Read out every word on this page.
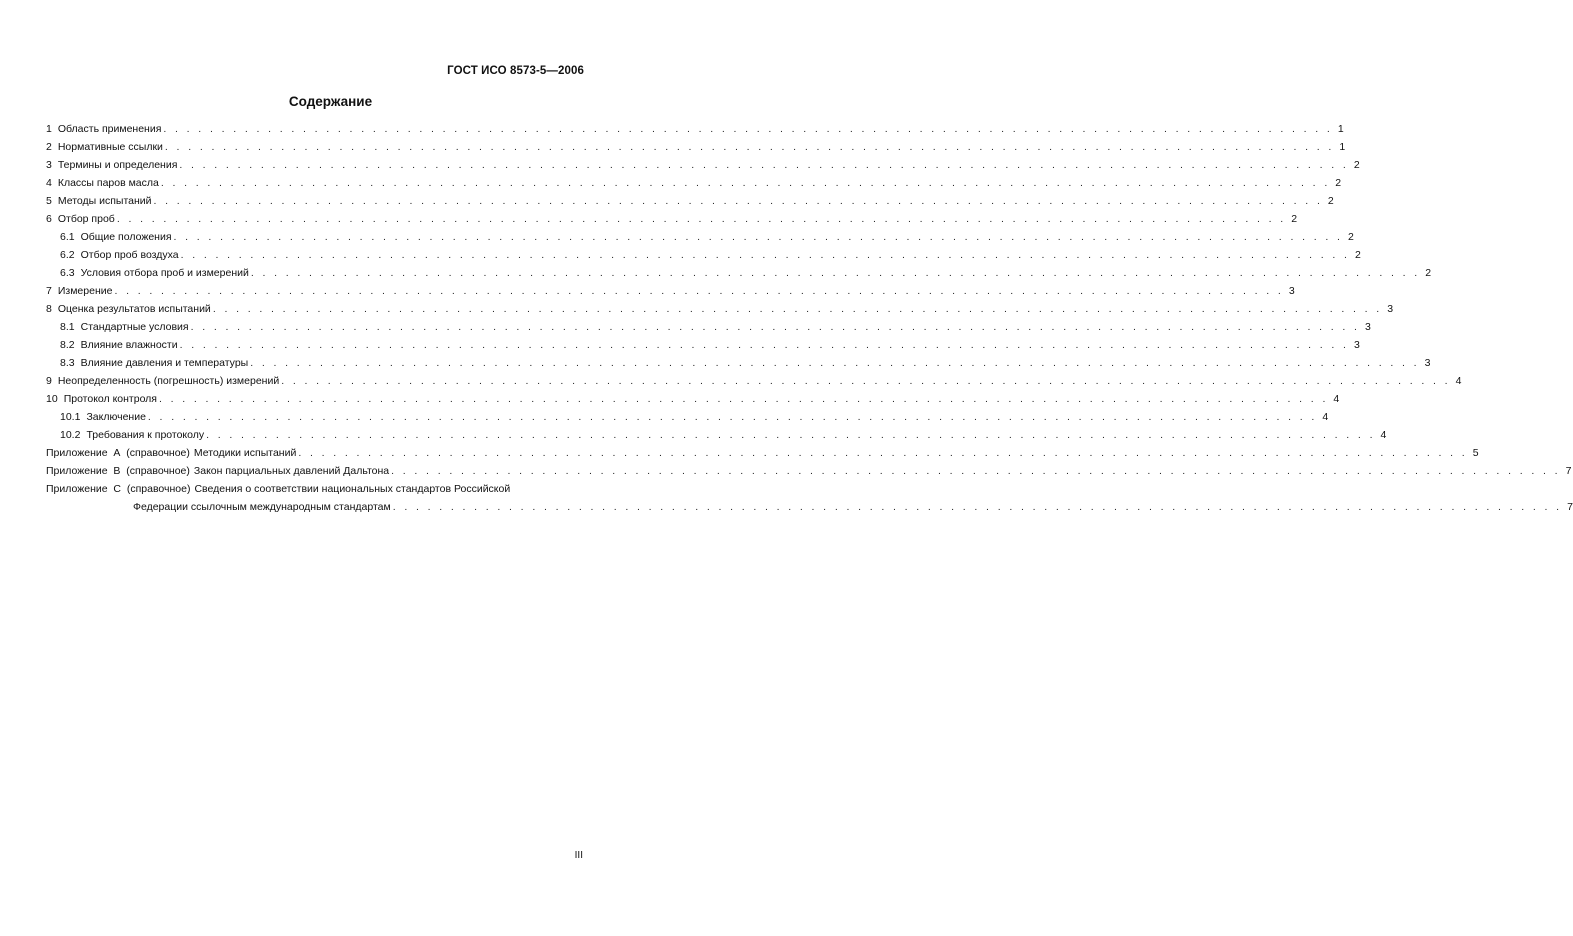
ГОСТ ИСО 8573-5—2006
Содержание
1 Область применения . . . . . . . . . . . . . . . . . . . . . . . . . . . . . . . . . . . . . . . . . . . . . . . . . . . . . . . . . . . . . . . . . . . . . . . . . . . . . . . . . . . . . . . . . . . . . . . . . . . . . 1
2 Нормативные ссылки . . . . . . . . . . . . . . . . . . . . . . . . . . . . . . . . . . . . . . . . . . . . . . . . . . . . . . . . . . . . . . . . . . . . . . . . . . . . . . . . . . . . . . . . . . . . . . . . . . . . . 1
3 Термины и определения . . . . . . . . . . . . . . . . . . . . . . . . . . . . . . . . . . . . . . . . . . . . . . . . . . . . . . . . . . . . . . . . . . . . . . . . . . . . . . . . . . . . . . . . . . . . . . . . . . . . . 2
4 Классы паров масла . . . . . . . . . . . . . . . . . . . . . . . . . . . . . . . . . . . . . . . . . . . . . . . . . . . . . . . . . . . . . . . . . . . . . . . . . . . . . . . . . . . . . . . . . . . . . . . . . . . . . 2
5 Методы испытаний . . . . . . . . . . . . . . . . . . . . . . . . . . . . . . . . . . . . . . . . . . . . . . . . . . . . . . . . . . . . . . . . . . . . . . . . . . . . . . . . . . . . . . . . . . . . . . . . . . . . . 2
6 Отбор проб . . . . . . . . . . . . . . . . . . . . . . . . . . . . . . . . . . . . . . . . . . . . . . . . . . . . . . . . . . . . . . . . . . . . . . . . . . . . . . . . . . . . . . . . . . . . . . . . . . . . . 2
6.1 Общие положения . . . . . . . . . . . . . . . . . . . . . . . . . . . . . . . . . . . . . . . . . . . . . . . . . . . . . . . . . . . . . . . . . . . . . . . . . . . . . . . . . . . . . . . . . . . . . . . . . . . . . 2
6.2 Отбор проб воздуха . . . . . . . . . . . . . . . . . . . . . . . . . . . . . . . . . . . . . . . . . . . . . . . . . . . . . . . . . . . . . . . . . . . . . . . . . . . . . . . . . . . . . . . . . . . . . . . . . . . . . 2
6.3 Условия отбора проб и измерений . . . . . . . . . . . . . . . . . . . . . . . . . . . . . . . . . . . . . . . . . . . . . . . . . . . . . . . . . . . . . . . . . . . . . . . . . . . . . . . . . . . . . . . . . . . . . . . . . . . . . 2
7 Измерение . . . . . . . . . . . . . . . . . . . . . . . . . . . . . . . . . . . . . . . . . . . . . . . . . . . . . . . . . . . . . . . . . . . . . . . . . . . . . . . . . . . . . . . . . . . . . . . . . . . . . 3
8 Оценка результатов испытаний . . . . . . . . . . . . . . . . . . . . . . . . . . . . . . . . . . . . . . . . . . . . . . . . . . . . . . . . . . . . . . . . . . . . . . . . . . . . . . . . . . . . . . . . . . . . . . . . . . . . . 3
8.1 Стандартные условия . . . . . . . . . . . . . . . . . . . . . . . . . . . . . . . . . . . . . . . . . . . . . . . . . . . . . . . . . . . . . . . . . . . . . . . . . . . . . . . . . . . . . . . . . . . . . . . . . . . . . 3
8.2 Влияние влажности . . . . . . . . . . . . . . . . . . . . . . . . . . . . . . . . . . . . . . . . . . . . . . . . . . . . . . . . . . . . . . . . . . . . . . . . . . . . . . . . . . . . . . . . . . . . . . . . . . . . . 3
8.3 Влияние давления и температуры . . . . . . . . . . . . . . . . . . . . . . . . . . . . . . . . . . . . . . . . . . . . . . . . . . . . . . . . . . . . . . . . . . . . . . . . . . . . . . . . . . . . . . . . . . . . . . . . . . . . . 3
9 Неопределенность (погрешность) измерений . . . . . . . . . . . . . . . . . . . . . . . . . . . . . . . . . . . . . . . . . . . . . . . . . . . . . . . . . . . . . . . . . . . . . . . . . . . . . . . . . . . . . . . . . . . . . . . . . . . . . 4
10 Протокол контроля . . . . . . . . . . . . . . . . . . . . . . . . . . . . . . . . . . . . . . . . . . . . . . . . . . . . . . . . . . . . . . . . . . . . . . . . . . . . . . . . . . . . . . . . . . . . . . . . . . . . . 4
10.1 Заключение . . . . . . . . . . . . . . . . . . . . . . . . . . . . . . . . . . . . . . . . . . . . . . . . . . . . . . . . . . . . . . . . . . . . . . . . . . . . . . . . . . . . . . . . . . . . . . . . . . . . . 4
10.2 Требования к протоколу . . . . . . . . . . . . . . . . . . . . . . . . . . . . . . . . . . . . . . . . . . . . . . . . . . . . . . . . . . . . . . . . . . . . . . . . . . . . . . . . . . . . . . . . . . . . . . . . . . . . . 4
Приложение  А  (справочное) Методики испытаний . . . . . . . . . . . . . . . . . . . . . . . . . . . . . . . . . . . . . . . . . . . . . . . . . . . . . . . . . . . . . . . . . . . . . . . . . . . . . . . . . . . . . . . . . . . . . . . . . . . . . 5
Приложение  В  (справочное) Закон парциальных давлений Дальтона . . . . . . . . . . . . . . . . . . . . . . . . . . . . . . . . . . . . . . . . . . . . . . . . . . . . . . . . . . . . . . . . . . . . . . . . . . . . . . . . . . . . . . . . . . . . . . . . . . . . . 7
Приложение  С  (справочное) Сведения о соответствии национальных стандартов Российской
Федерации ссылочным международным стандартам . . . . . . . . . . . . . . . . . . . . . . . . . . . . . . . . . . . . . . . . . . . . . . . . . . . . . . . . . . . . . . . . . . . . . . . . . . . . . . . . . . . . . . . . . . . . . . . . . . . . . 7
III
